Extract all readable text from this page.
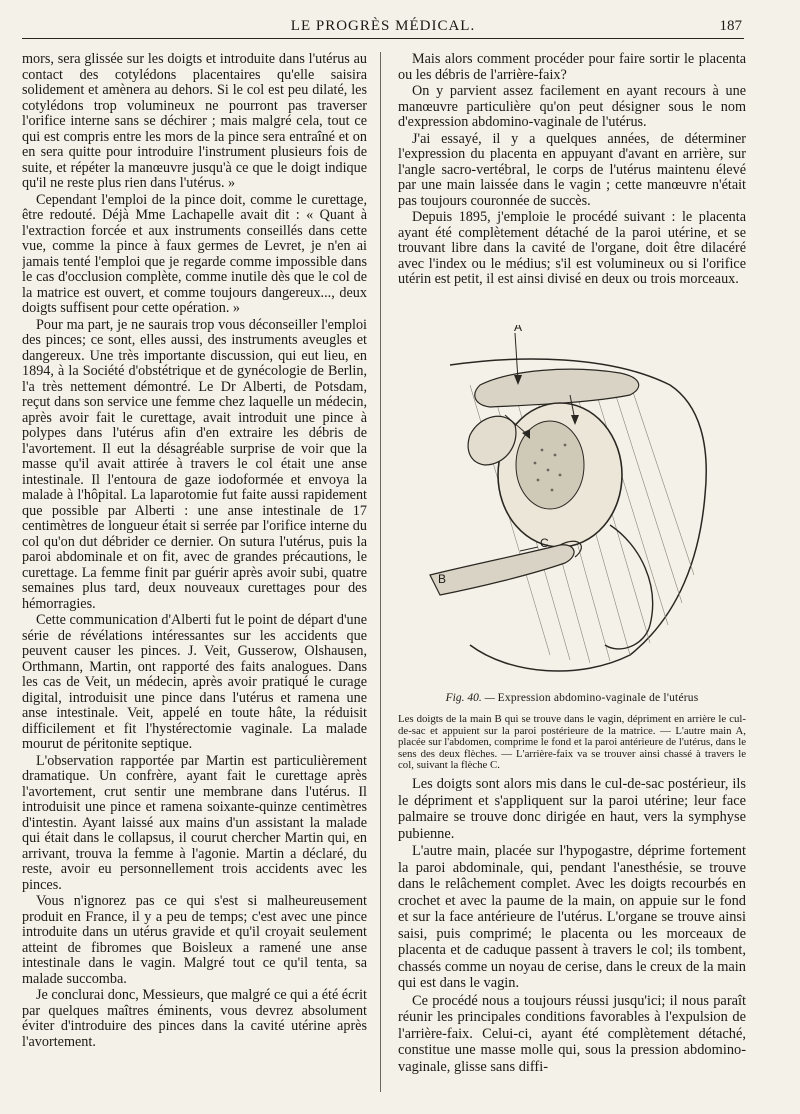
LE PROGRÈS MÉDICAL.	187

mors, sera glissée sur les doigts et introduite dans l'utérus au contact des cotylédons placentaires qu'elle saisira solidement et amènera au dehors. Si le col est peu dilaté, les cotylédons trop volumineux ne pourront pas traverser l'orifice interne sans se déchirer ; mais malgré cela, tout ce qui est compris entre les mors de la pince sera entraîné et on en sera quitte pour introduire l'instrument plusieurs fois de suite, et répéter la manœuvre jusqu'à ce que le doigt indique qu'il ne reste plus rien dans l'utérus. »

Cependant l'emploi de la pince doit, comme le curettage, être redouté. Déjà Mme Lachapelle avait dit : « Quant à l'extraction forcée et aux instruments conseillés dans cette vue, comme la pince à faux germes de Levret, je n'en ai jamais tenté l'emploi que je regarde comme impossible dans le cas d'occlusion complète, comme inutile dès que le col de la matrice est ouvert, et comme toujours dangereux..., deux doigts suffisent pour cette opération. »

Pour ma part, je ne saurais trop vous déconseiller l'emploi des pinces; ce sont, elles aussi, des instruments aveugles et dangereux. Une très importante discussion, qui eut lieu, en 1894, à la Société d'obstétrique et de gynécologie de Berlin, l'a très nettement démontré. Le Dr Alberti, de Potsdam, reçut dans son service une femme chez laquelle un médecin, après avoir fait le curettage, avait introduit une pince à polypes dans l'utérus afin d'en extraire les débris de l'avortement. Il eut la désagréable surprise de voir que la masse qu'il avait attirée à travers le col était une anse intestinale. Il l'entoura de gaze iodoformée et envoya la malade à l'hôpital. La laparotomie fut faite aussi rapidement que possible par Alberti : une anse intestinale de 17 centimètres de longueur était si serrée par l'orifice interne du col qu'on dut débrider ce dernier. On sutura l'utérus, puis la paroi abdominale et on fit, avec de grandes précautions, le curettage. La femme finit par guérir après avoir subi, quatre semaines plus tard, deux nouveaux curettages pour des hémorragies.

Cette communication d'Alberti fut le point de départ d'une série de révélations intéressantes sur les accidents que peuvent causer les pinces. J. Veit, Gusserow, Olshausen, Orthmann, Martin, ont rapporté des faits analogues. Dans les cas de Veit, un médecin, après avoir pratiqué le curage digital, introduisit une pince dans l'utérus et ramena une anse intestinale. Veit, appelé en toute hâte, la réduisit difficilement et fit l'hystérectomie vaginale. La malade mourut de péritonite septique.

L'observation rapportée par Martin est particulièrement dramatique. Un confrère, ayant fait le curettage après l'avortement, crut sentir une membrane dans l'utérus. Il introduisit une pince et ramena soixante-quinze centimètres d'intestin. Ayant laissé aux mains d'un assistant la malade qui était dans le collapsus, il courut chercher Martin qui, en arrivant, trouva la femme à l'agonie. Martin a déclaré, du reste, avoir eu personnellement trois accidents avec les pinces.

Vous n'ignorez pas ce qui s'est si malheureusement produit en France, il y a peu de temps; c'est avec une pince introduite dans un utérus gravide et qu'il croyait seulement atteint de fibromes que Boisleux a ramené une anse intestinale dans le vagin. Malgré tout ce qu'il tenta, sa malade succomba.

Je conclurai donc, Messieurs, que malgré ce qui a été écrit par quelques maîtres éminents, vous devrez absolument éviter d'introduire des pinces dans la cavité utérine après l'avortement.

Mais alors comment procéder pour faire sortir le placenta ou les débris de l'arrière-faix?

On y parvient assez facilement en ayant recours à une manœuvre particulière qu'on peut désigner sous le nom d'expression abdomino-vaginale de l'utérus.

J'ai essayé, il y a quelques années, de déterminer l'expression du placenta en appuyant d'avant en arrière, sur l'angle sacro-vertébral, le corps de l'utérus maintenu élevé par une main laissée dans le vagin ; cette manœuvre n'était pas toujours couronnée de succès.

Depuis 1895, j'emploie le procédé suivant : le placenta ayant été complètement détaché de la paroi utérine, et se trouvant libre dans la cavité de l'organe, doit être dilacéré avec l'index ou le médius; s'il est volumineux ou si l'orifice utérin est petit, il est ainsi divisé en deux ou trois morceaux.

A
B
C
Fig. 40. — Expression abdomino-vaginale de l'utérus
Les doigts de la main B qui se trouve dans le vagin, dépriment en arrière le cul-de-sac et appuient sur la paroi postérieure de la matrice. — L'autre main A, placée sur l'abdomen, comprime le fond et la paroi antérieure de l'utérus, dans le sens des deux flèches. — L'arrière-faix va se trouver ainsi chassé à travers le col, suivant la flèche C.

Les doigts sont alors mis dans le cul-de-sac postérieur, ils le dépriment et s'appliquent sur la paroi utérine; leur face palmaire se trouve donc dirigée en haut, vers la symphyse pubienne.

L'autre main, placée sur l'hypogastre, déprime fortement la paroi abdominale, qui, pendant l'anesthésie, se trouve dans le relâchement complet. Avec les doigts recourbés en crochet et avec la paume de la main, on appuie sur le fond et sur la face antérieure de l'utérus. L'organe se trouve ainsi saisi, puis comprimé; le placenta ou les morceaux de placenta et de caduque passent à travers le col; ils tombent, chassés comme un noyau de cerise, dans le creux de la main qui est dans le vagin.

Ce procédé nous a toujours réussi jusqu'ici; il nous paraît réunir les principales conditions favorables à l'expulsion de l'arrière-faix. Celui-ci, ayant été complètement détaché, constitue une masse molle qui, sous la pression abdomino-vaginale, glisse sans diffi-
